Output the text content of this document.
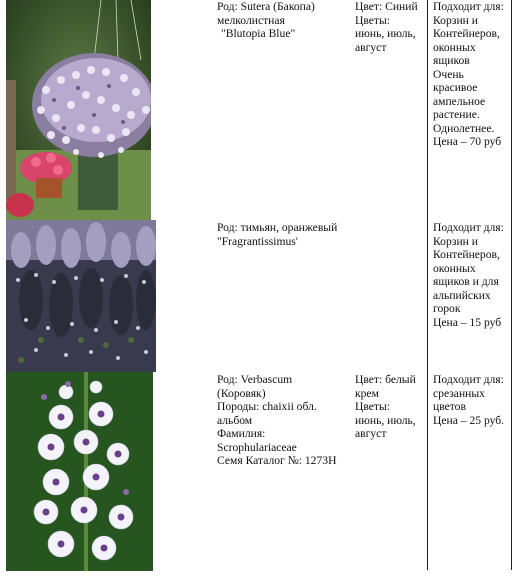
Род: Sutera (Бакопа)
мелколистная
"Blutopia Blue"
Цвет: Синий
Цветы:
июнь, июль,
август
Подходит для:
Корзин и
Контейнеров,
оконных
ящиков
Очень
красивое
ампельное
растение.
Однолетнее.
Цена – 70 руб
Род: тимьян, оранжевый
"Fragrantissimus'
Подходит для:
Корзин и
Контейнеров,
оконных
ящиков и для
альпийских
горок
Цена – 15 руб
Род: Verbascum
(Коровяк)
Породы: chaixii обл.
альбом
Фамилия:
Scrophulariaceae
Семя Каталог №: 1273H
Цвет: белый
крем
Цветы:
июнь, июль,
август
Подходит для:
срезанных
цветов
Цена – 25 руб.
